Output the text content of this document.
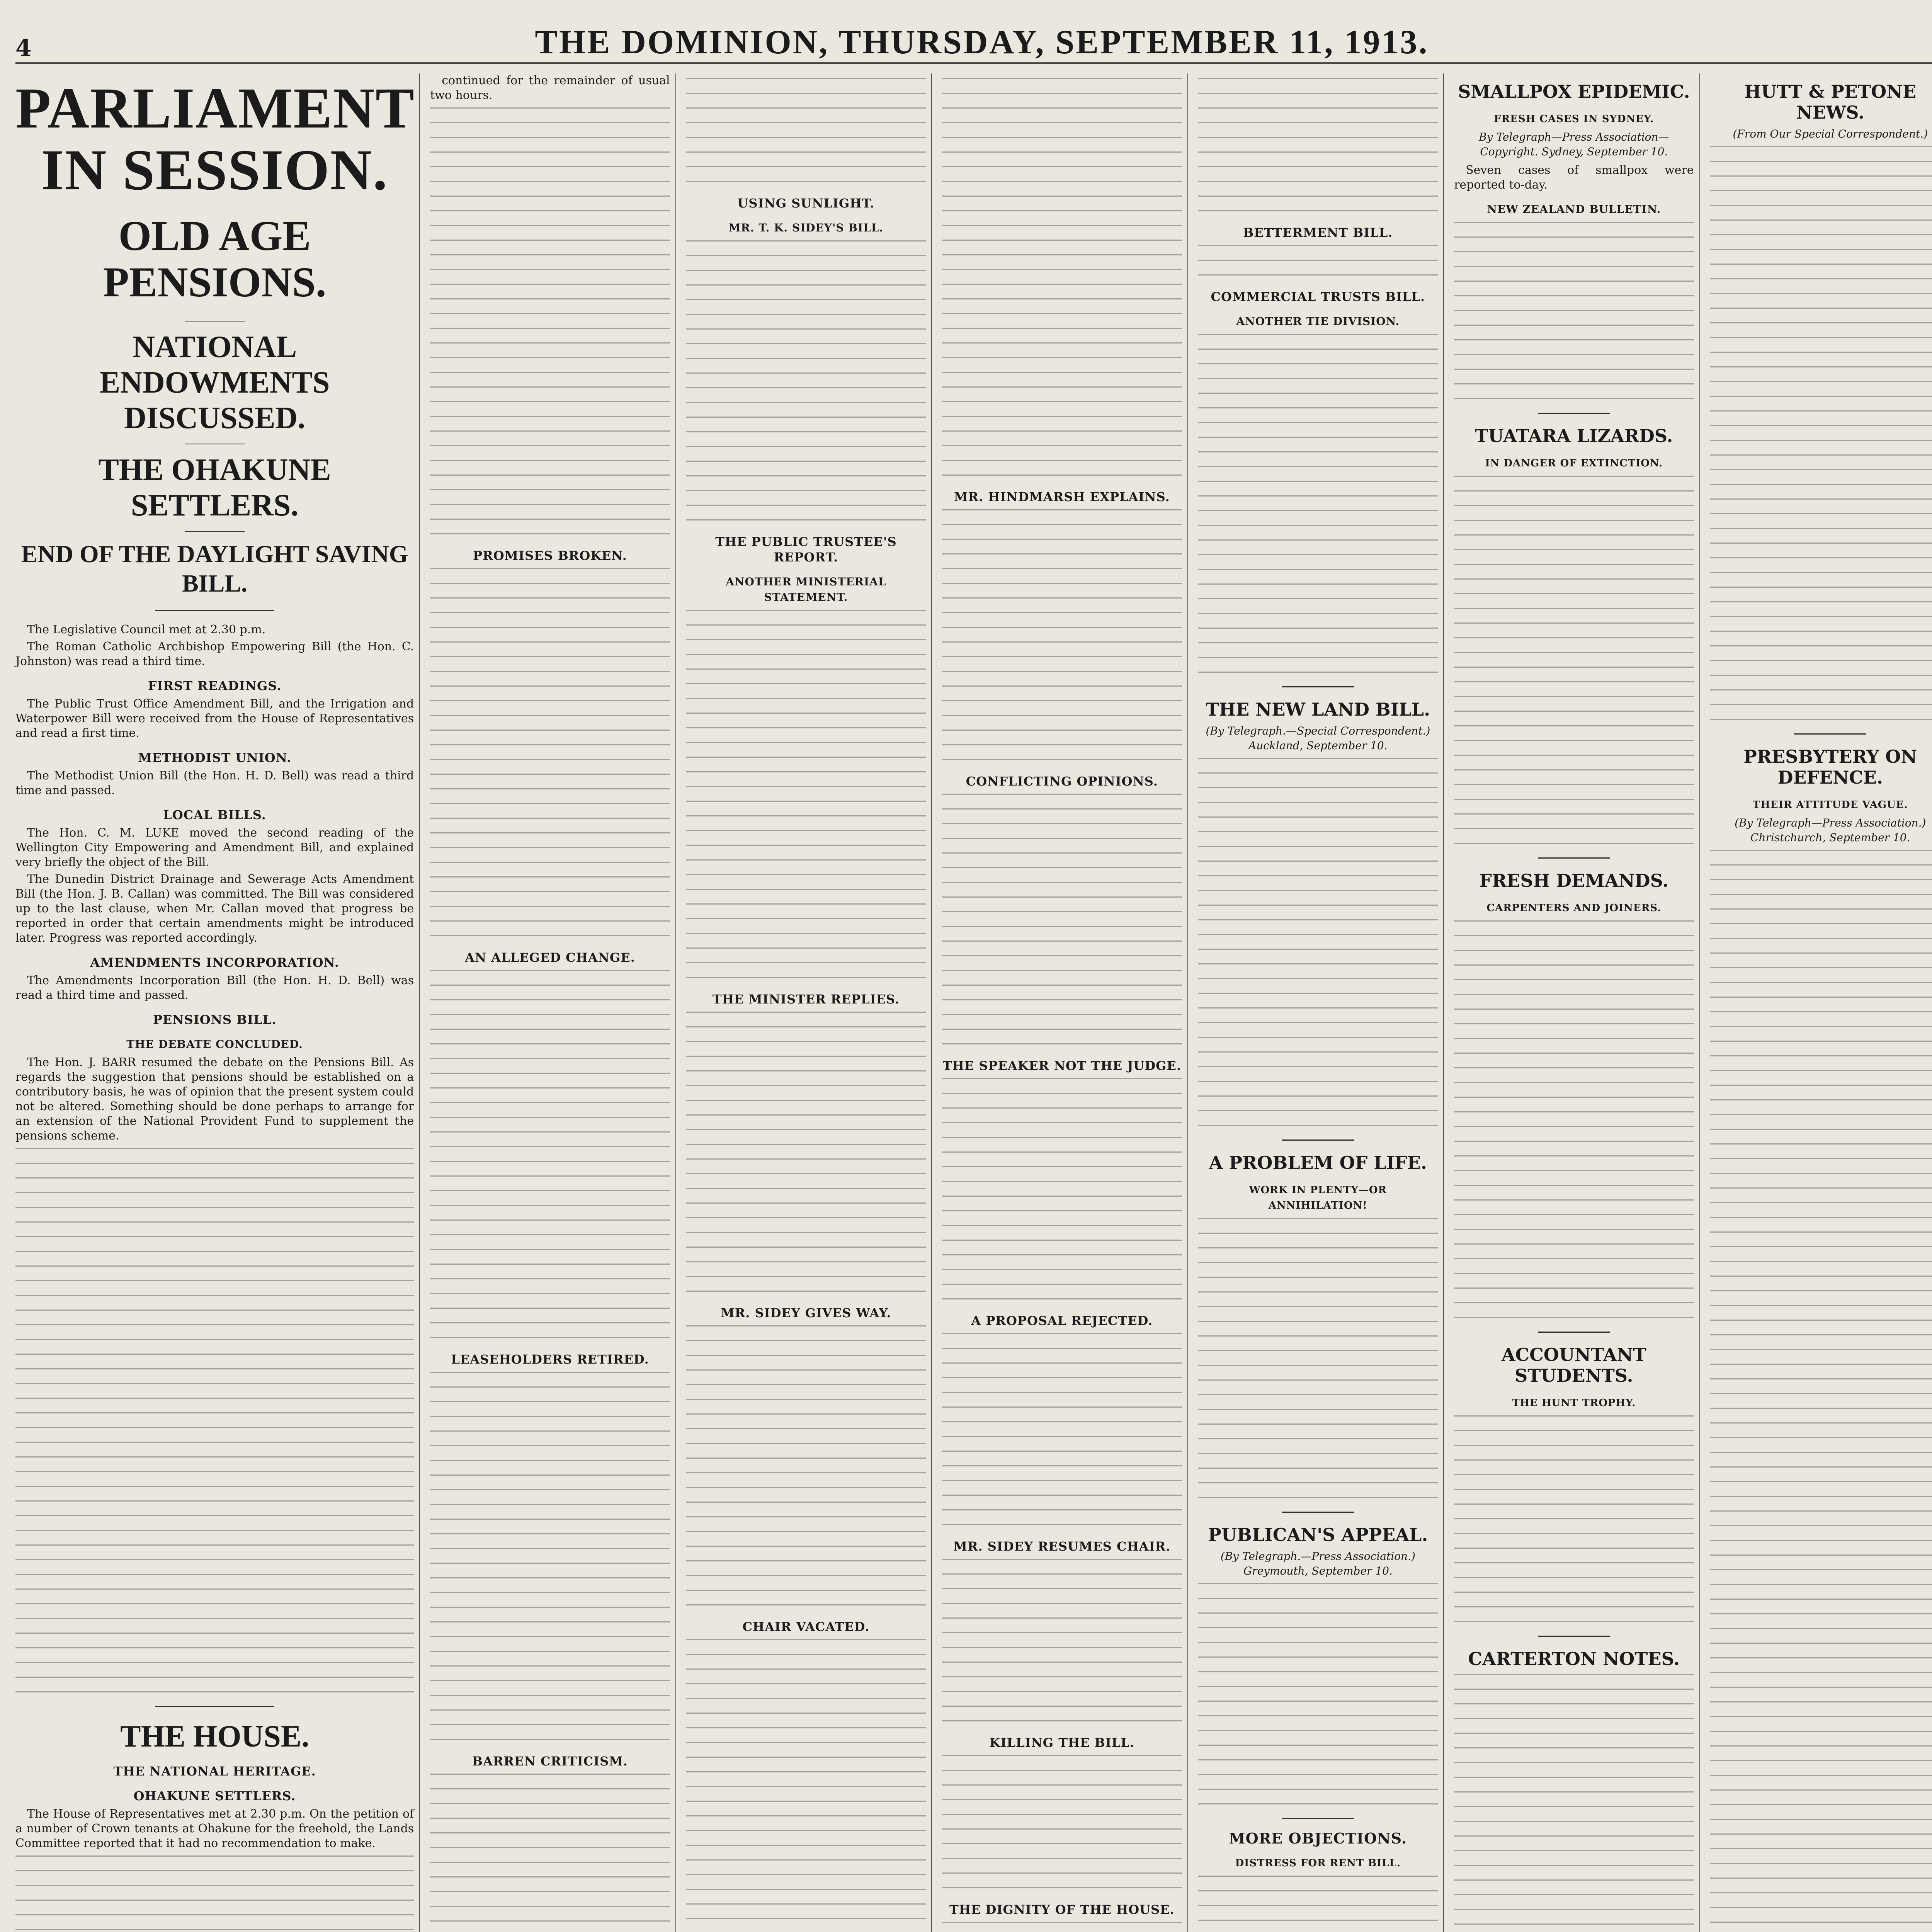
4	THE DOMINION, THURSDAY, SEPTEMBER 11, 1913.
PARLIAMENT IN SESSION.
OLD AGE PENSIONS.
NATIONAL ENDOWMENTS DISCUSSED.
THE OHAKUNE SETTLERS.
END OF THE DAYLIGHT SAVING BILL.

The Legislative Council met at 2.30 p.m.

The Roman Catholic Archbishop Empowering Bill (the Hon. C. Johnston) was read a third time.

FIRST READINGS.

The Public Trust Office Amendment Bill, and the Irrigation and Waterpower Bill were received from the House of Representatives and read a first time.

METHODIST UNION.

The Methodist Union Bill (the Hon. H. D. Bell) was read a third time and passed.

LOCAL BILLS.

The Hon. C. M. LUKE moved the second reading of the Wellington City Empowering and Amendment Bill, and explained very briefly the object of the Bill.

The Dunedin District Drainage and Sewerage Acts Amendment Bill (the Hon. J. B. Callan) was committed. The Bill was considered up to the last clause, when Mr. Callan moved that progress be reported in order that certain amendments might be introduced later. Progress was reported accordingly.

AMENDMENTS INCORPORATION.

The Amendments Incorporation Bill (the Hon. H. D. Bell) was read a third time and passed.

PENSIONS BILL.
THE DEBATE CONCLUDED.

The Hon. J. BARR resumed the debate on the Pensions Bill. As regards the suggestion that pensions should be established on a contributory basis, he was of opinion that the present system could not be altered. Something should be done perhaps to arrange for an extension of the National Provident Fund to supplement the pensions scheme.

THE HOUSE.
THE NATIONAL HERITAGE.
OHAKUNE SETTLERS.

The House of Representatives met at 2.30 p.m. On the petition of a number of Crown tenants at Ohakune for the freehold, the Lands Committee reported that it had no recommendation to make.

continued for the remainder of usual two hours.

PROMISES BROKEN.
AN ALLEGED CHANGE.
LEASEHOLDERS RETIRED.
BARREN CRITICISM.

USING SUNLIGHT.
MR. T. K. SIDEY'S BILL.
THE PUBLIC TRUSTEE'S REPORT.
ANOTHER MINISTERIAL STATEMENT.
THE MINISTER REPLIES.
MR. SIDEY GIVES WAY.
CHAIR VACATED.
MR. HINDMARSH EXPLAINS.
CONFLICTING OPINIONS.
THE SPEAKER NOT THE JUDGE.
A PROPOSAL REJECTED.
MR. SIDEY RESUMES CHAIR.
KILLING THE BILL.
THE DIGNITY OF THE HOUSE.
BETTERMENT BILL.
COMMERCIAL TRUSTS BILL.
ANOTHER TIE DIVISION.
THE NEW LAND BILL.
(By Telegraph.—Special Correspondent.) Auckland, September 10.
A PROBLEM OF LIFE.
WORK IN PLENTY—OR ANNIHILATION!
PUBLICAN'S APPEAL.
(By Telegraph.—Press Association.) Greymouth, September 10.
MORE OBJECTIONS.
DISTRESS FOR RENT BILL.
SMALLPOX EPIDEMIC.
FRESH CASES IN SYDNEY.
By Telegraph—Press Association—Copyright. Sydney, September 10.

Seven cases of smallpox were reported to-day.

NEW ZEALAND BULLETIN.
TUATARA LIZARDS.
IN DANGER OF EXTINCTION.
FRESH DEMANDS.
CARPENTERS AND JOINERS.
ACCOUNTANT STUDENTS.
THE HUNT TROPHY.
CARTERTON NOTES.
HUTT & PETONE NEWS.
(From Our Special Correspondent.)
PRESBYTERY ON DEFENCE.
THEIR ATTITUDE VAGUE.
(By Telegraph—Press Association.) Christchurch, September 10.
